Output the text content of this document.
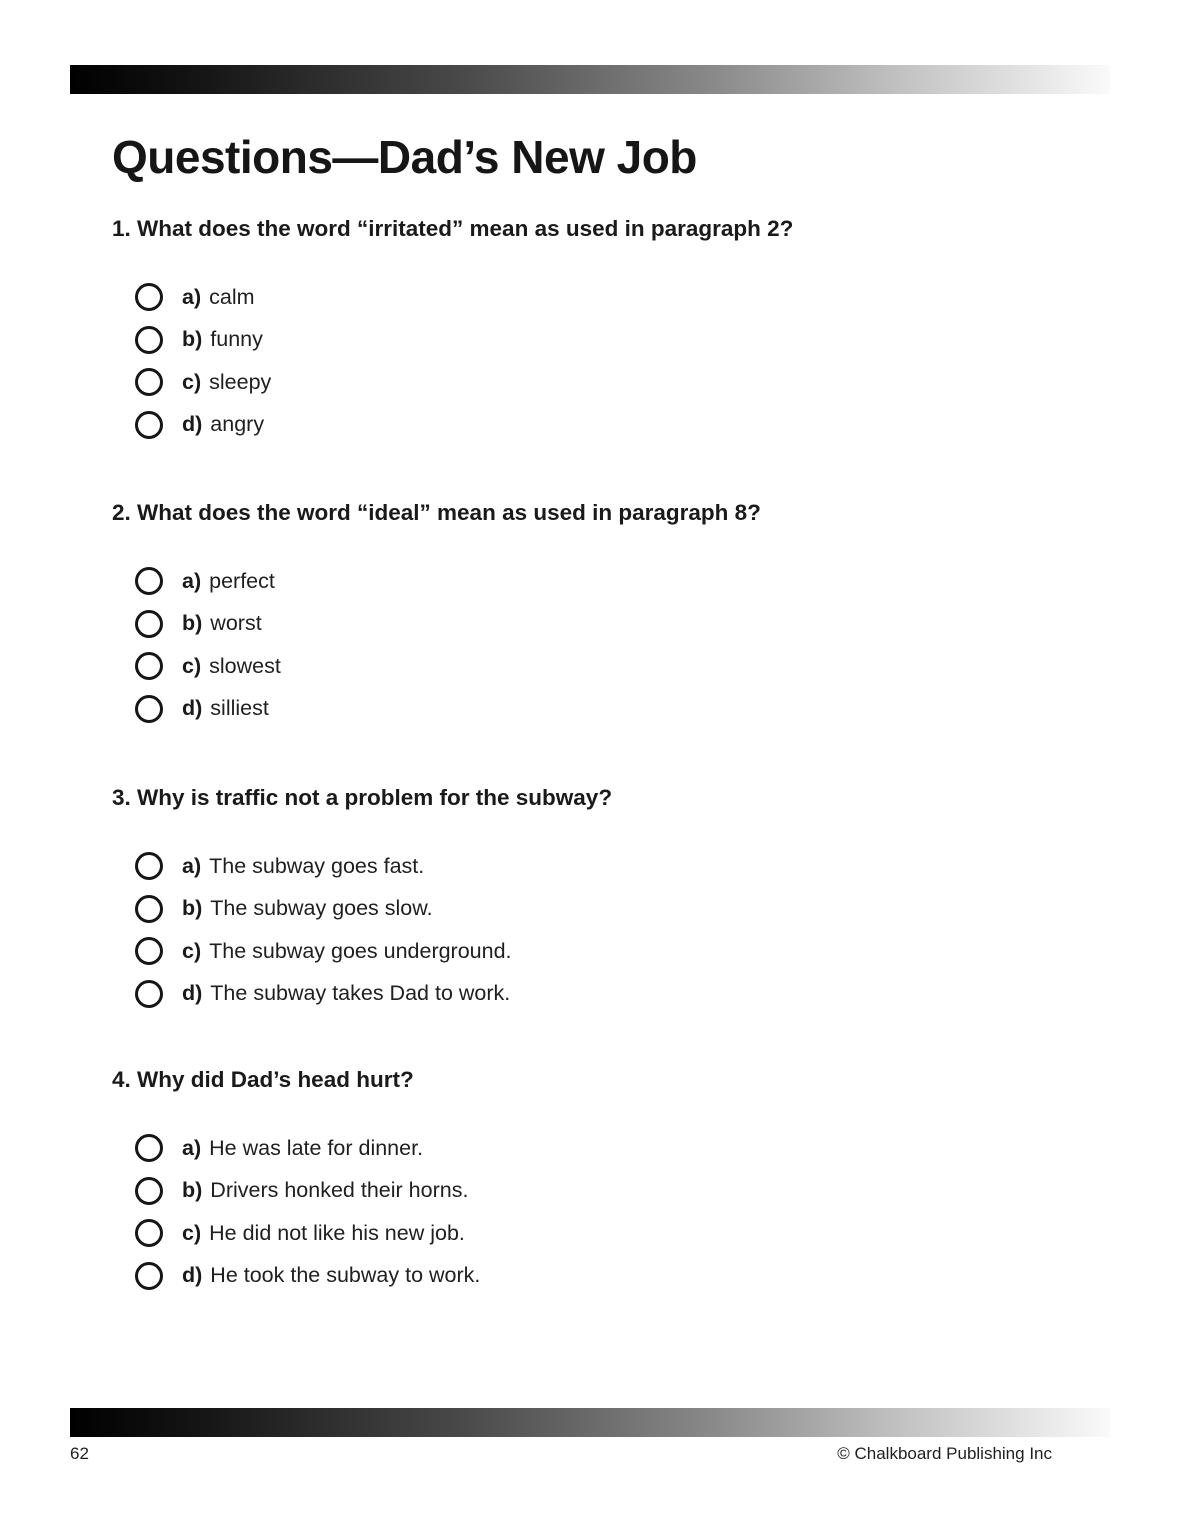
Questions—Dad’s New Job
1. What does the word “irritated” mean as used in paragraph 2?
a) calm
b) funny
c) sleepy
d) angry
2. What does the word “ideal” mean as used in paragraph 8?
a) perfect
b) worst
c) slowest
d) silliest
3. Why is traffic not a problem for the subway?
a) The subway goes fast.
b) The subway goes slow.
c) The subway goes underground.
d) The subway takes Dad to work.
4. Why did Dad’s head hurt?
a) He was late for dinner.
b) Drivers honked their horns.
c) He did not like his new job.
d) He took the subway to work.
62	© Chalkboard Publishing Inc
